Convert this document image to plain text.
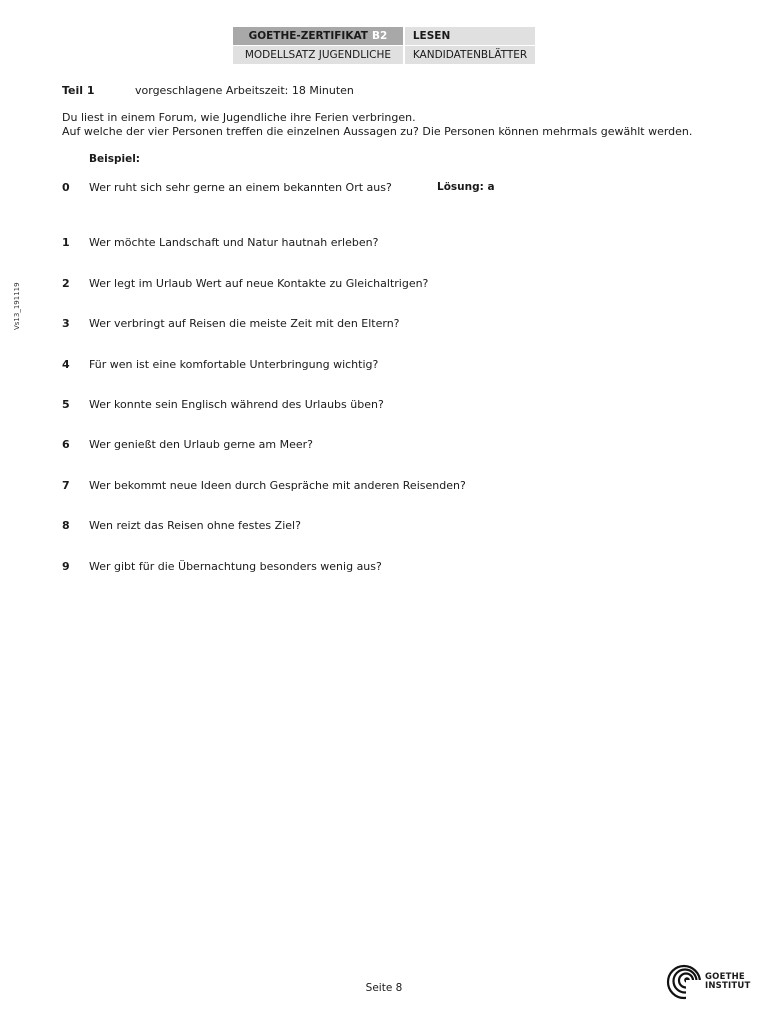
GOETHE-ZERTIFIKAT B2	LESEN
MODELLSATZ JUGENDLICHE	KANDIDATENBLÄTTER
Vs13_191119
Teil 1	vorgeschlagene Arbeitszeit: 18 Minuten
Du liest in einem Forum, wie Jugendliche ihre Ferien verbringen.
Auf welche der vier Personen treffen die einzelnen Aussagen zu? Die Personen können mehrmals gewählt werden.
Beispiel:
0	Wer ruht sich sehr gerne an einem bekannten Ort aus?	Lösung: a
1	Wer möchte Landschaft und Natur hautnah erleben?
2	Wer legt im Urlaub Wert auf neue Kontakte zu Gleichaltrigen?
3	Wer verbringt auf Reisen die meiste Zeit mit den Eltern?
4	Für wen ist eine komfortable Unterbringung wichtig?
5	Wer konnte sein Englisch während des Urlaubs üben?
6	Wer genießt den Urlaub gerne am Meer?
7	Wer bekommt neue Ideen durch Gespräche mit anderen Reisenden?
8	Wen reizt das Reisen ohne festes Ziel?
9	Wer gibt für die Übernachtung besonders wenig aus?
Seite 8
GOETHE
INSTITUT
